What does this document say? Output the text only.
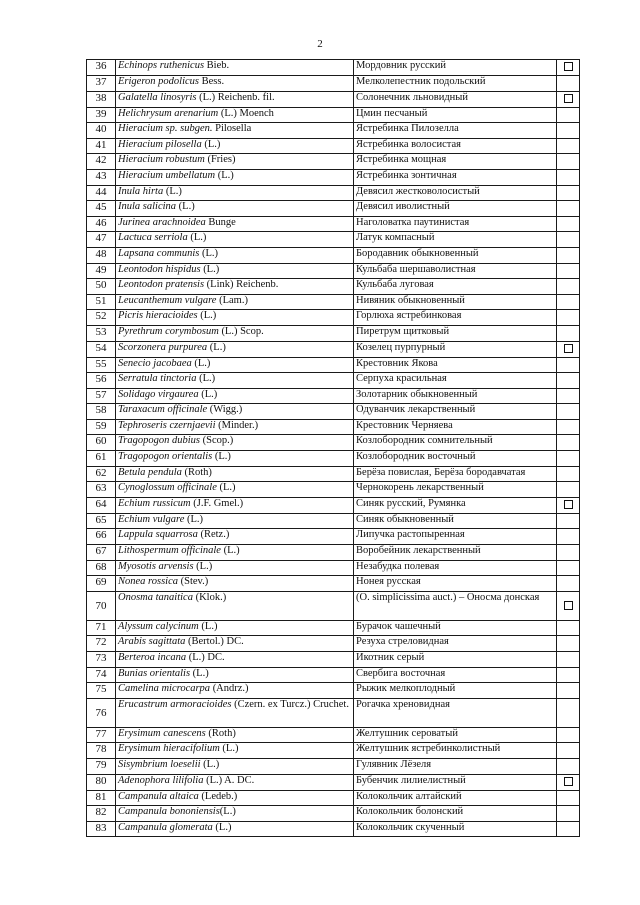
2
36	Echinops ruthenicus Bieb.	Мордовник русский	
37	Erigeron podolicus Bess.	Мелколепестник подольский	
38	Galatella linosyris (L.) Reichenb. fil.	Солонечник льновидный	
39	Helichrysum arenarium (L.) Moench	Цмин песчаный	
40	Hieracium sp. subgen. Pilosella	Ястребинка Пилозелла	
41	Hieracium pilosella (L.)	Ястребинка волосистая	
42	Hieracium robustum (Fries)	Ястребинка мощная	
43	Hieracium umbellatum (L.)	Ястребинка зонтичная	
44	Inula hirta (L.)	Девясил жестковолосистый	
45	Inula salicina (L.)	Девясил иволистный	
46	Jurinea arachnoidea Bunge	Наголоватка паутинистая	
47	Lactuca serriola (L.)	Латук компасный	
48	Lapsana communis (L.)	Бородавник обыкновенный	
49	Leontodon hispidus (L.)	Кульбаба шершаволистная	
50	Leontodon pratensis (Link) Reichenb.	Кульбаба луговая	
51	Leucanthemum vulgare (Lam.)	Нивяник обыкновенный	
52	Picris hieracioides (L.)	Горлюха ястребинковая	
53	Pyrethrum corymbosum (L.) Scop.	Пиретрум щитковый	
54	Scorzonera purpurea (L.)	Козелец пурпурный	
55	Senecio jacobaea (L.)	Крестовник Якова	
56	Serratula tinctoria (L.)	Серпуха красильная	
57	Solidago virgaurea (L.)	Золотарник обыкновенный	
58	Taraxacum officinale (Wigg.)	Одуванчик лекарственный	
59	Tephroseris czernjaevii (Minder.)	Крестовник Черняева	
60	Tragopogon dubius (Scop.)	Козлобородник сомнительный	
61	Tragopogon orientalis (L.)	Козлобородник восточный	
62	Betula pendula (Roth)	Берёза повислая, Берёза бородавчатая	
63	Cynoglossum officinale (L.)	Чернокорень лекарственный	
64	Echium russicum (J.F. Gmel.)	Синяк русский, Румянка	
65	Echium vulgare (L.)	Синяк обыкновенный	
66	Lappula squarrosa (Retz.)	Липучка растопыренная	
67	Lithospermum officinale (L.)	Воробейник лекарственный	
68	Myosotis arvensis (L.)	Незабудка полевая	
69	Nonea rossica (Stev.)	Нонея русская	
70	Onosma tanaitica (Klok.)	(O. simplicissima auct.) – Оносма донская	
71	Alyssum calycinum (L.)	Бурачок чашечный	
72	Arabis sagittata (Bertol.) DC.	Резуха стреловидная	
73	Berteroa incana (L.) DC.	Икотник серый	
74	Bunias orientalis (L.)	Свербига восточная	
75	Camelina microcarpa (Andrz.)	Рыжик мелкоплодный	
76	Erucastrum armoracioides (Czern. ex Turcz.) Cruchet.	Рогачка хреновидная	
77	Erysimum canescens (Roth)	Желтушник сероватый	
78	Erysimum hieracifolium (L.)	Желтушник ястребинколистный	
79	Sisymbrium loeselii (L.)	Гулявник Лёзеля	
80	Adenophora lilifolia (L.) A. DC.	Бубенчик лилиелистный	
81	Campanula altaica (Ledeb.)	Колокольчик алтайский	
82	Campanula bononiensis(L.)	Колокольчик болонский	
83	Campanula glomerata (L.)	Колокольчик скученный	
